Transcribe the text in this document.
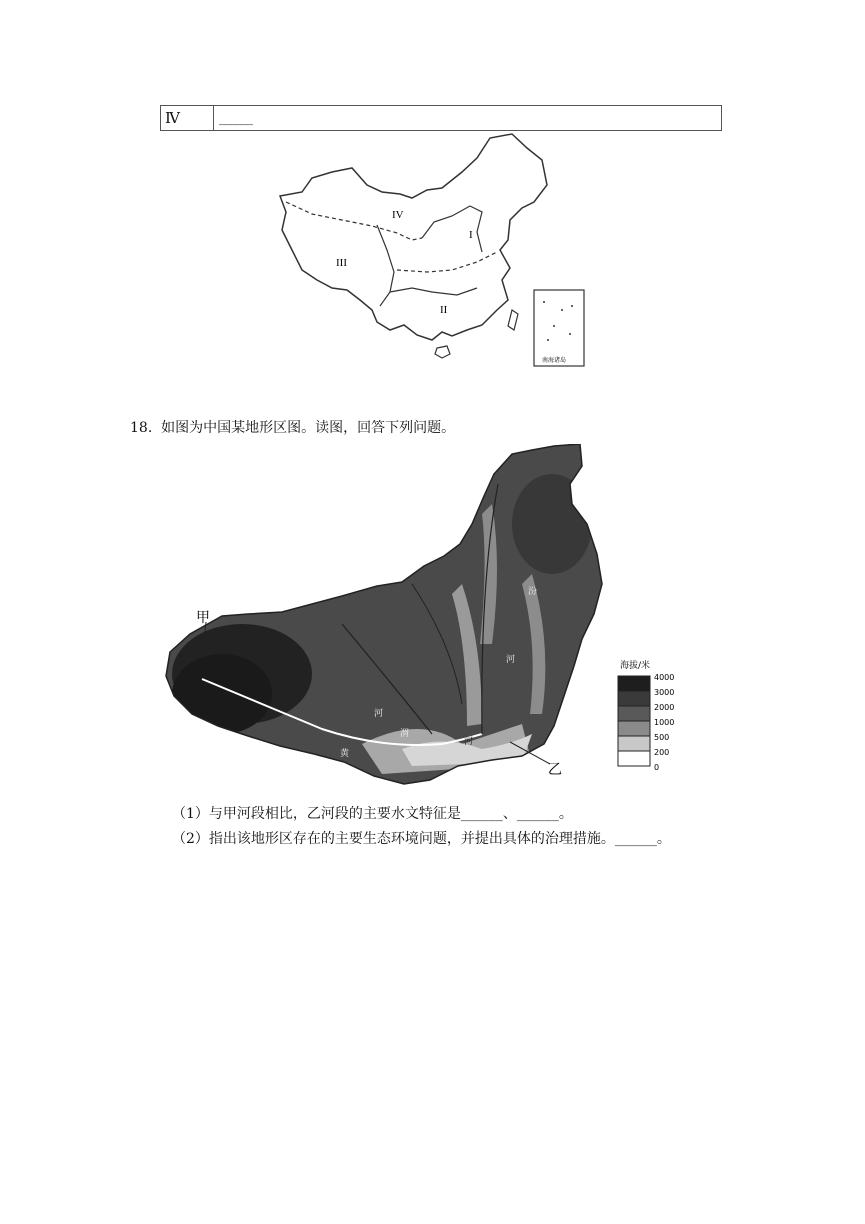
Ⅳ	______
IV
I
III
II
南海诸岛
18. 如图为中国某地形区图。读图，回答下列问题。
甲
乙
黄
河
渭
河
汾
河
海拔/米
4000
3000
2000
1000
500
200
0
（1）与甲河段相比，乙河段的主要水文特征是______、______。
（2）指出该地形区存在的主要生态环境问题，并提出具体的治理措施。______。
